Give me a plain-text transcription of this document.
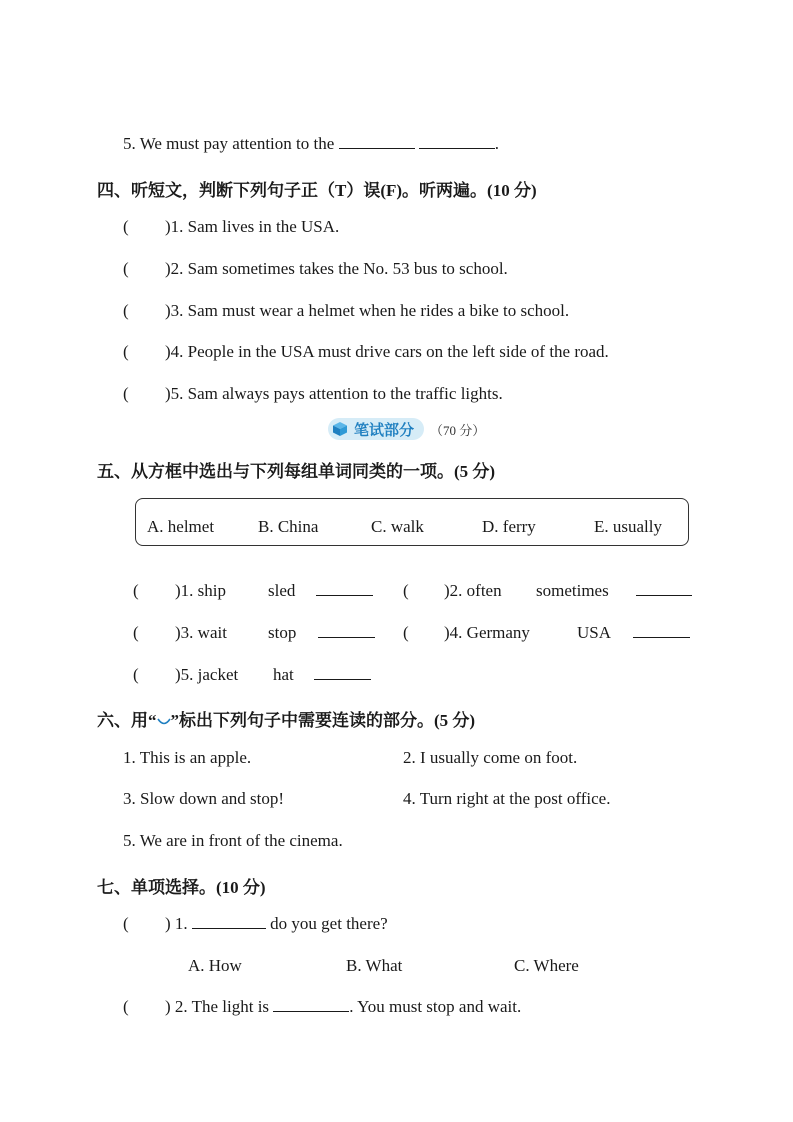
5. We must pay attention to the	.
四、听短文，判断下列句子正（T）误(F)。听两遍。(10 分)
( )1. Sam lives in the USA.
( )2. Sam sometimes takes the No. 53 bus to school.
( )3. Sam must wear a helmet when he rides a bike to school.
( )4. People in the USA must drive cars on the left side of the road.
( )5. Sam always pays attention to the traffic lights.
笔试部分 （70 分）
五、从方框中选出与下列每组单词同类的一项。(5 分)
A. helmet	B. China	C. walk	D. ferry	E. usually
( )1. ship sled	( )2. often sometimes
( )3. wait stop	( )4. Germany	USA
( )5. jacket hat
六、用“ ”标出下列句子中需要连读的部分。(5 分)
1. This is an apple.	2. I usually come on foot.
3. Slow down and stop!	4. Turn right at the post office.
5. We are in front of the cinema.
七、单项选择。(10 分)
( ) 1.	do you get there?
A. How	B. What	C. Where
( ) 2. The light is	. You must stop and wait.
